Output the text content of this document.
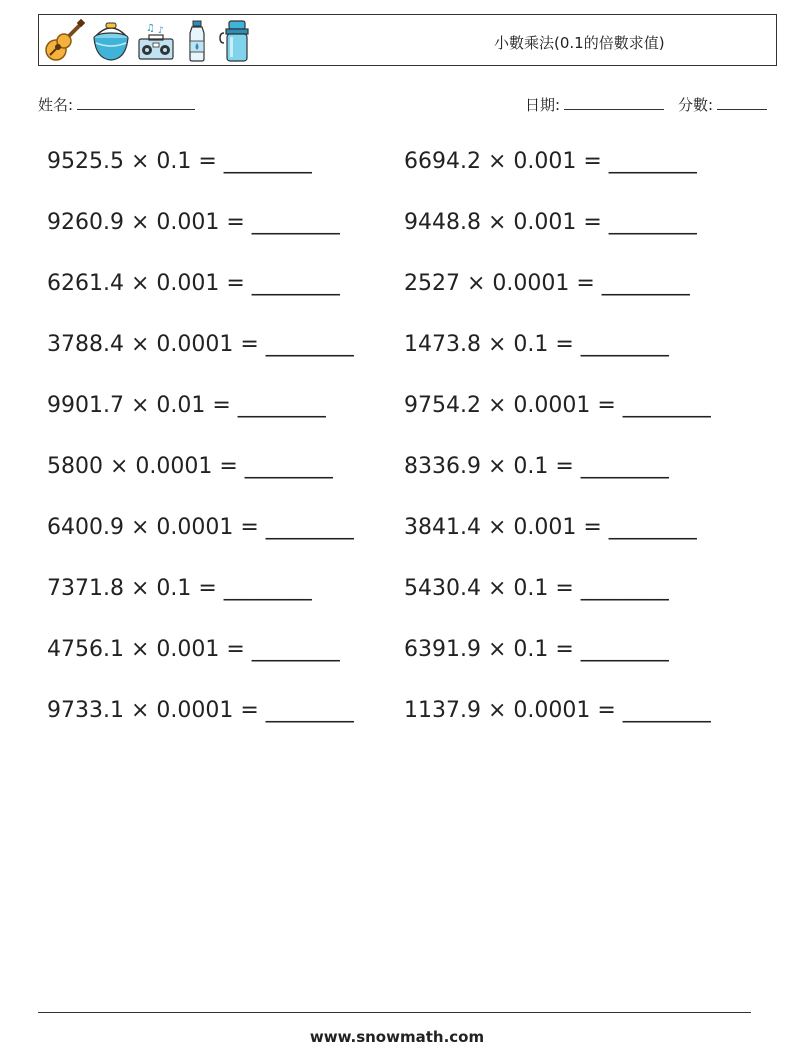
♫ ♪
小數乘法(0.1的倍數求值)
姓名:	日期:	分數:
9525.5 × 0.1 = ________	6694.2 × 0.001 = ________
9260.9 × 0.001 = ________	9448.8 × 0.001 = ________
6261.4 × 0.001 = ________	2527 × 0.0001 = ________
3788.4 × 0.0001 = ________ 1473.8 × 0.1 = ________
9901.7 × 0.01 = ________	9754.2 × 0.0001 = ________
5800 × 0.0001 = ________	8336.9 × 0.1 = ________
6400.9 × 0.0001 = ________ 3841.4 × 0.001 = ________
7371.8 × 0.1 = ________	5430.4 × 0.1 = ________
4756.1 × 0.001 = ________	6391.9 × 0.1 = ________
9733.1 × 0.0001 = ________ 1137.9 × 0.0001 = ________
www.snowmath.com
